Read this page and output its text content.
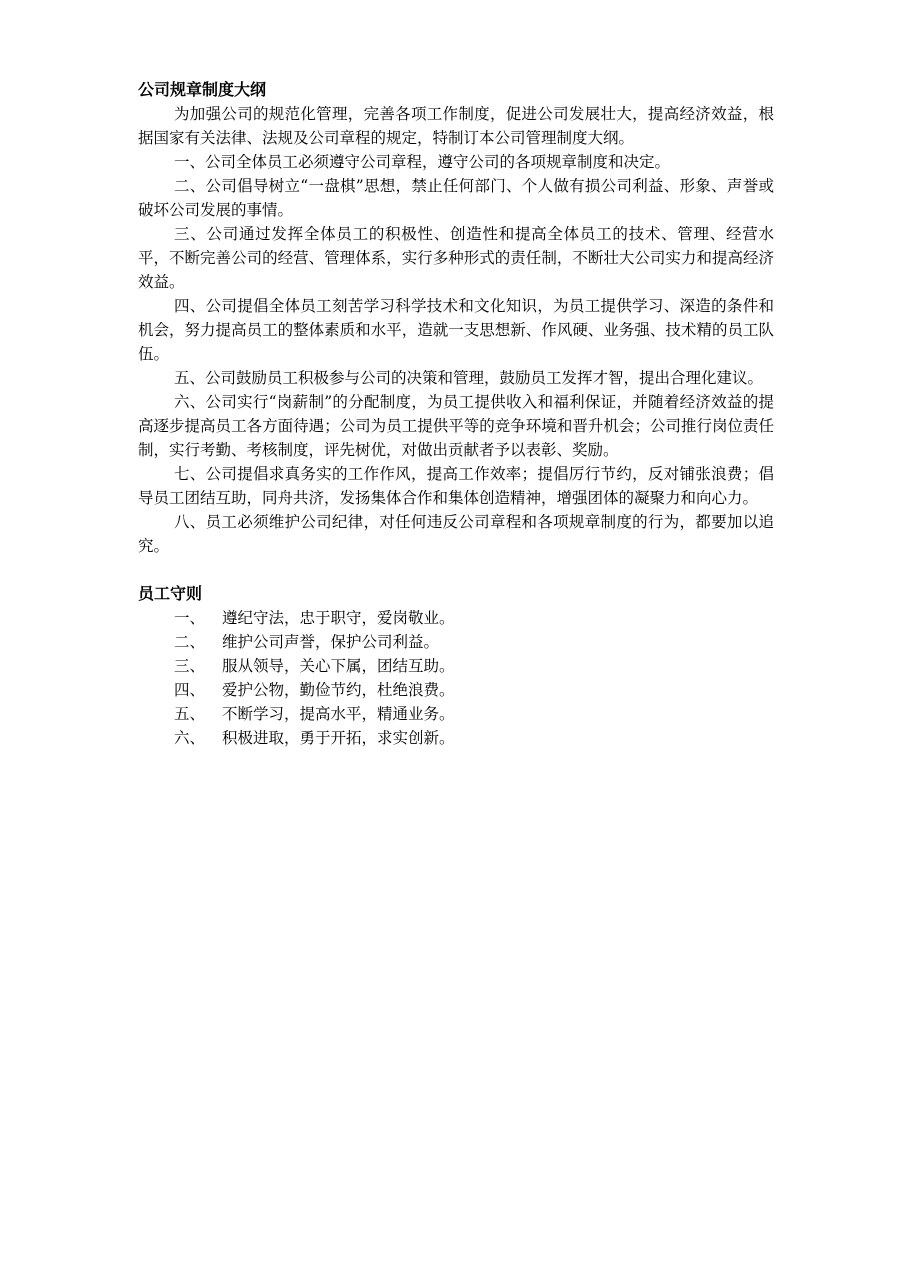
公司规章制度大纲

为加强公司的规范化管理，完善各项工作制度，促进公司发展壮大，提高经济效益，根据国家有关法律、法规及公司章程的规定，特制订本公司管理制度大纲。

一、公司全体员工必须遵守公司章程，遵守公司的各项规章制度和决定。

二、公司倡导树立“一盘棋”思想，禁止任何部门、个人做有损公司利益、形象、声誉或破坏公司发展的事情。

三、公司通过发挥全体员工的积极性、创造性和提高全体员工的技术、管理、经营水平，不断完善公司的经营、管理体系，实行多种形式的责任制，不断壮大公司实力和提高经济效益。

四、公司提倡全体员工刻苦学习科学技术和文化知识，为员工提供学习、深造的条件和机会，努力提高员工的整体素质和水平，造就一支思想新、作风硬、业务强、技术精的员工队伍。

五、公司鼓励员工积极参与公司的决策和管理，鼓励员工发挥才智，提出合理化建议。

六、公司实行“岗薪制”的分配制度，为员工提供收入和福利保证，并随着经济效益的提高逐步提高员工各方面待遇；公司为员工提供平等的竞争环境和晋升机会；公司推行岗位责任制，实行考勤、考核制度，评先树优，对做出贡献者予以表彰、奖励。

七、公司提倡求真务实的工作作风，提高工作效率；提倡厉行节约，反对铺张浪费；倡导员工团结互助，同舟共济，发扬集体合作和集体创造精神，增强团体的凝聚力和向心力。

八、员工必须维护公司纪律，对任何违反公司章程和各项规章制度的行为，都要加以追究。

员工守则
一、	遵纪守法，忠于职守，爱岗敬业。
二、	维护公司声誉，保护公司利益。
三、	服从领导，关心下属，团结互助。
四、	爱护公物，勤俭节约，杜绝浪费。
五、	不断学习，提高水平，精通业务。
六、	积极进取，勇于开拓，求实创新。
